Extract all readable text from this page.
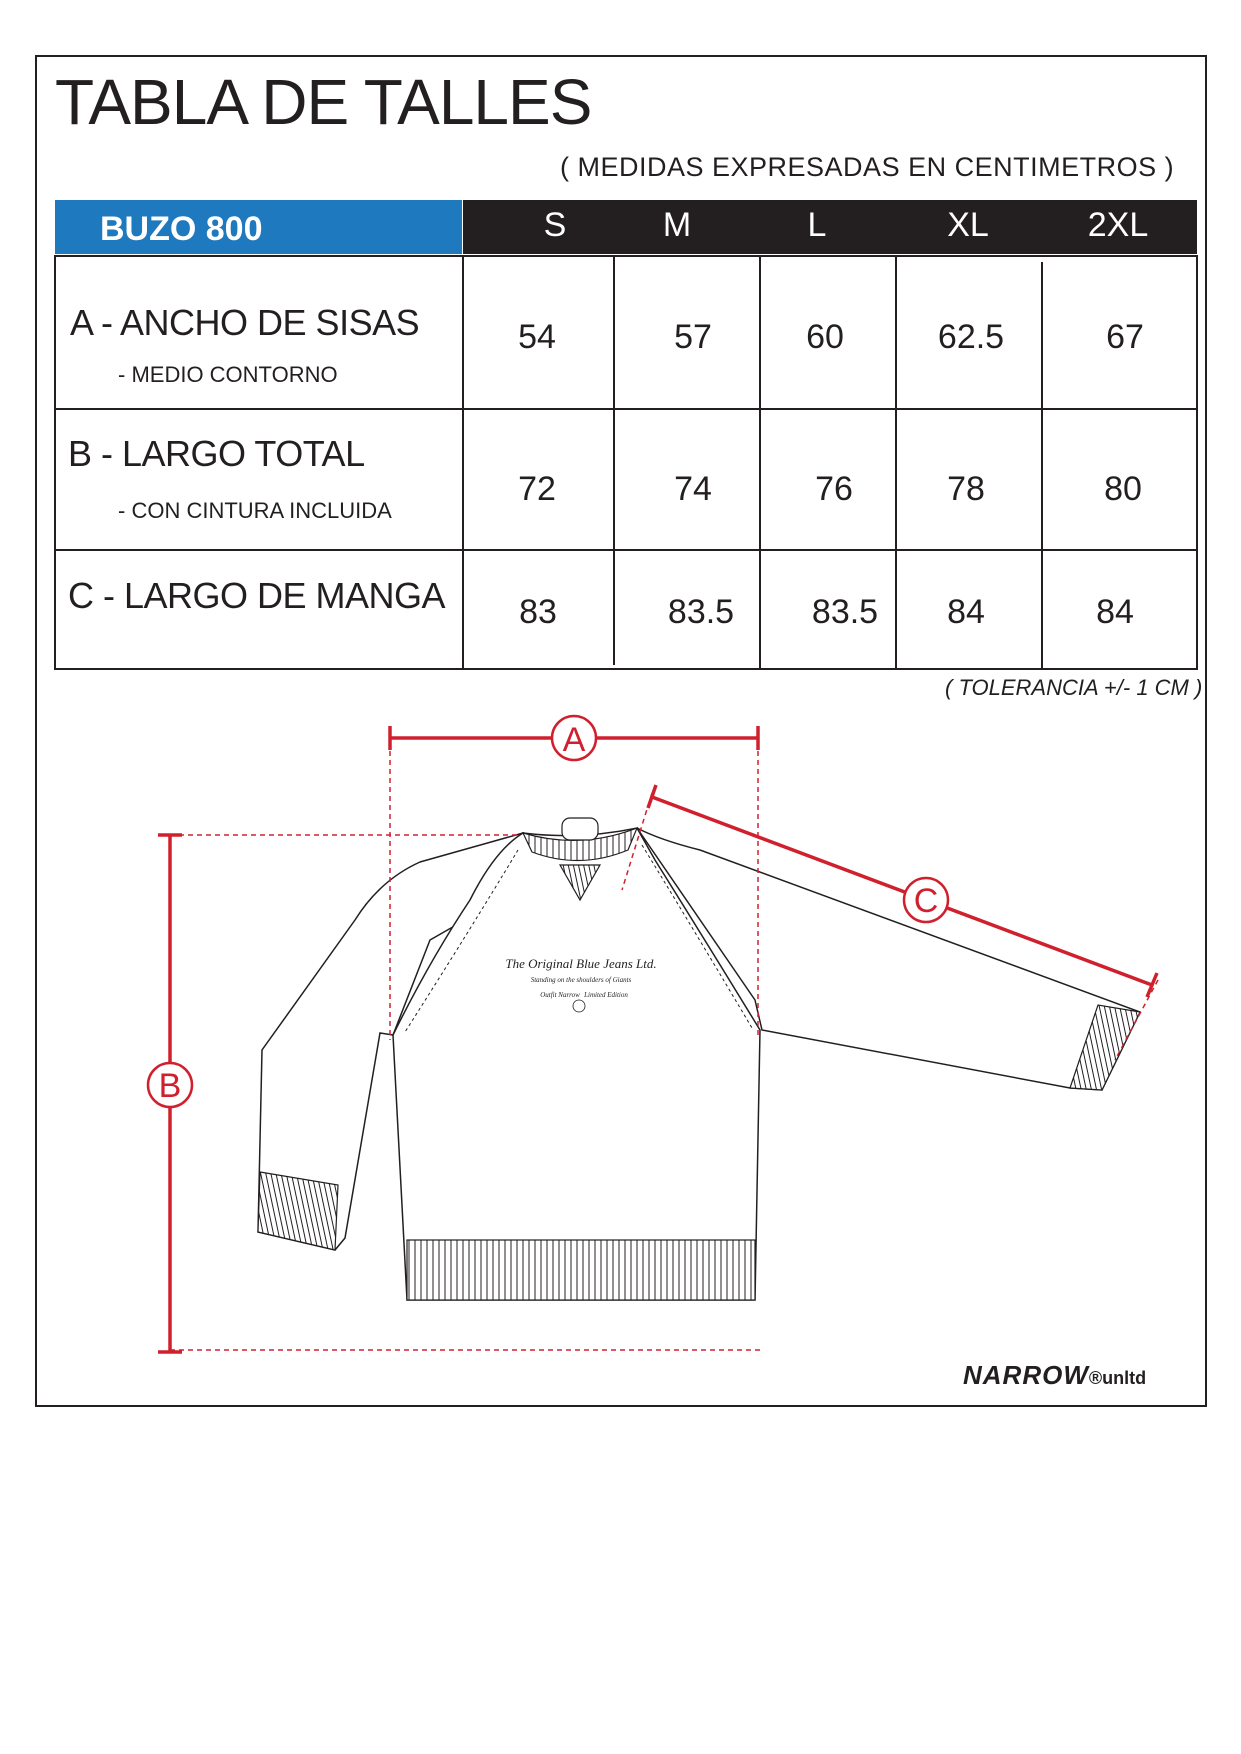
TABLA DE TALLES
( MEDIDAS EXPRESADAS EN CENTIMETROS )
BUZO 800	S	M	L	XL	2XL
A - ANCHO DE SISAS
- MEDIO CONTORNO
54	57	60	62.5	67
B - LARGO TOTAL
- CON CINTURA INCLUIDA
72	74	76	78	80
C - LARGO DE MANGA 83	83.5 83.5 84	84
( TOLERANCIA +/- 1 CM )
The Original Blue Jeans Ltd.
Standing on the shoulders of Giants
Outfit Narrow Limited Edition
A
B
C
NARROW®unltd
